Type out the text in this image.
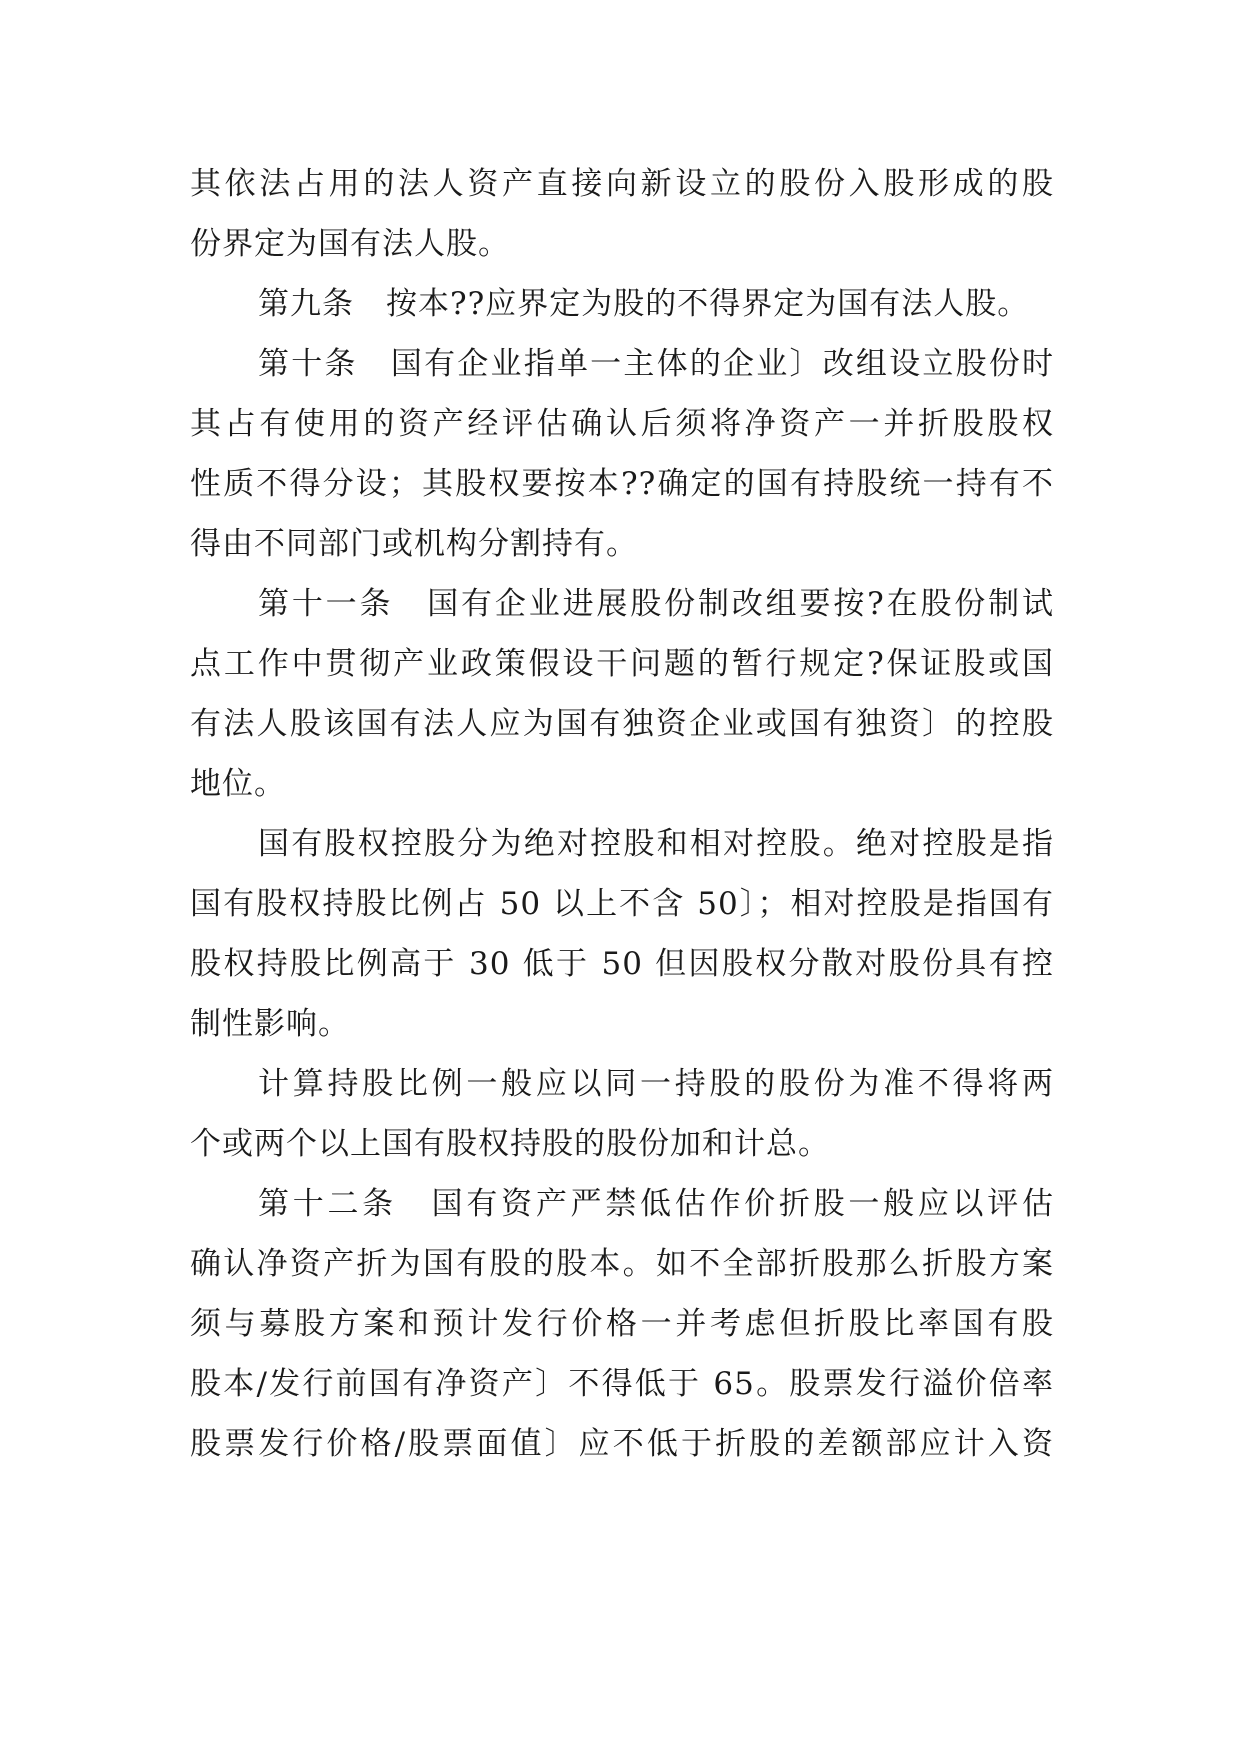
其依法占用的法人资产直接向新设立的股份入股形成的股
份界定为国有法人股。
第九条　按本??应界定为股的不得界定为国有法人股。
第十条　国有企业指单一主体的企业〕改组设立股份时
其占有使用的资产经评估确认后须将净资产一并折股股权
性质不得分设；其股权要按本??确定的国有持股统一持有不
得由不同部门或机构分割持有。
第十一条　国有企业进展股份制改组要按?在股份制试
点工作中贯彻产业政策假设干问题的暂行规定?保证股或国
有法人股该国有法人应为国有独资企业或国有独资〕的控股
地位。
国有股权控股分为绝对控股和相对控股。绝对控股是指
国有股权持股比例占 50 以上不含 50〕；相对控股是指国有
股权持股比例高于 30 低于 50 但因股权分散对股份具有控
制性影响。
计算持股比例一般应以同一持股的股份为准不得将两
个或两个以上国有股权持股的股份加和计总。
第十二条　国有资产严禁低估作价折股一般应以评估
确认净资产折为国有股的股本。如不全部折股那么折股方案
须与募股方案和预计发行价格一并考虑但折股比率国有股
股本/发行前国有净资产〕不得低于 65。股票发行溢价倍率
股票发行价格/股票面值〕应不低于折股的差额部应计入资
